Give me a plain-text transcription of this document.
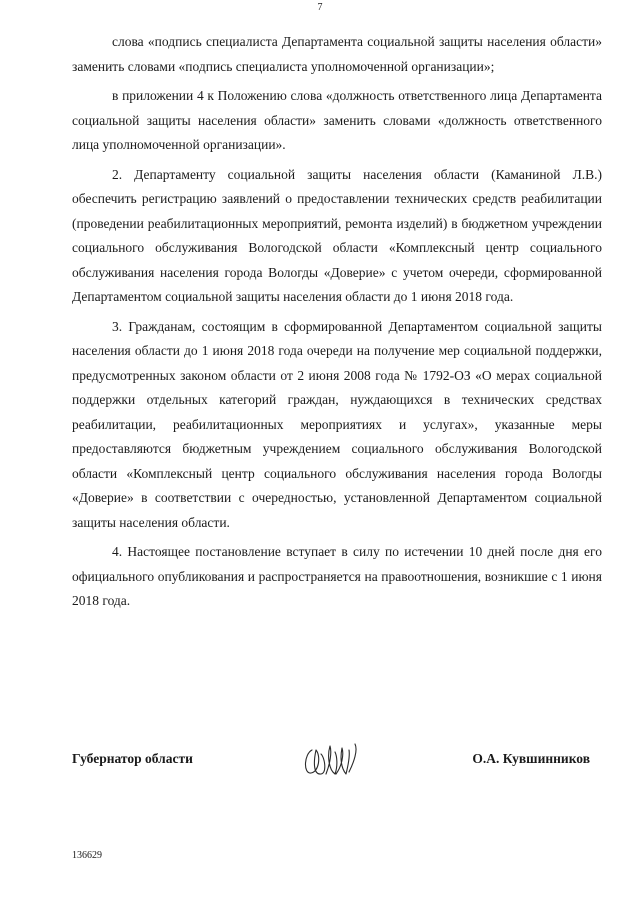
7

слова «подпись специалиста Департамента социальной защиты населения области» заменить словами «подпись специалиста уполномоченной организации»;

в приложении 4 к Положению слова «должность ответственного лица Департамента социальной защиты населения области» заменить словами «должность ответственного лица уполномоченной организации».

2. Департаменту социальной защиты населения области (Каманиной Л.В.) обеспечить регистрацию заявлений о предоставлении технических средств реабилитации (проведении реабилитационных мероприятий, ремонта изделий) в бюджетном учреждении социального обслуживания Вологодской области «Комплексный центр социального обслуживания населения города Вологды «Доверие» с учетом очереди, сформированной Департаментом социальной защиты населения области до 1 июня 2018 года.

3. Гражданам, состоящим в сформированной Департаментом социальной защиты населения области до 1 июня 2018 года очереди на получение мер социальной поддержки, предусмотренных законом области от 2 июня 2008 года № 1792-ОЗ «О мерах социальной поддержки отдельных категорий граждан, нуждающихся в технических средствах реабилитации, реабилитационных мероприятиях и услугах», указанные меры предоставляются бюджетным учреждением социального обслуживания Вологодской области «Комплексный центр социального обслуживания населения города Вологды «Доверие» в соответствии с очередностью, установленной Департаментом социальной защиты населения области.

4. Настоящее постановление вступает в силу по истечении 10 дней после дня его официального опубликования и распространяется на правоотношения, возникшие с 1 июня 2018 года.

Губернатор области	О.А. Кувшинников
136629
